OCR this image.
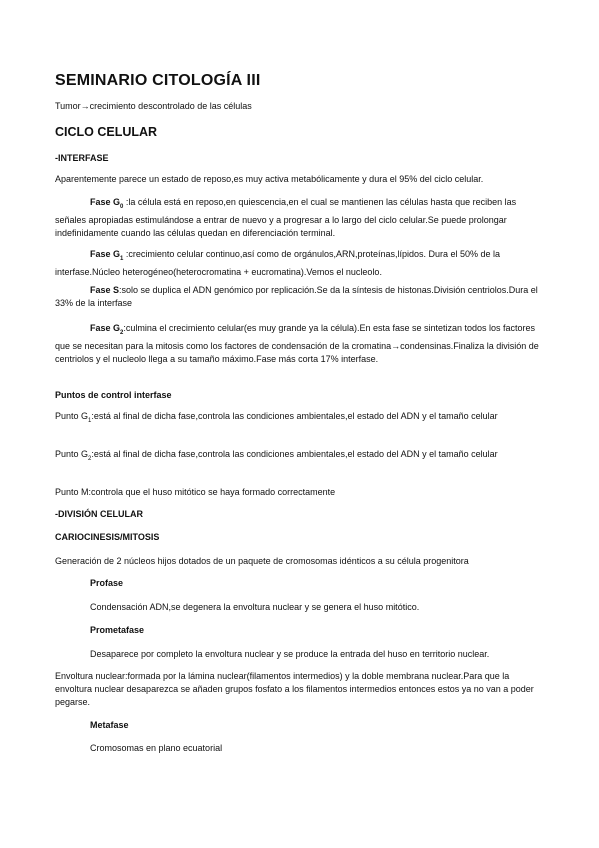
SEMINARIO CITOLOGÍA III
Tumor→crecimiento descontrolado de las células
CICLO CELULAR
-INTERFASE
Aparentemente parece un estado de reposo,es muy activa metabólicamente y dura el 95% del ciclo celular.
Fase $G_0$ :la célula está en reposo,en quiescencia,en el cual se mantienen las células hasta que reciben las señales apropiadas estimulándose a entrar de nuevo y a progresar a lo largo del ciclo celular.Se puede prolongar indefinidamente cuando las células quedan en diferenciación terminal.
Fase $G_1$ :crecimiento celular continuo,así como de orgánulos,ARN,proteínas,lípidos. Dura el 50% de la interfase.Núcleo heterogéneo(heterocromatina + eucromatina).Vemos el nucleolo.
Fase S:solo se duplica el ADN genómico por replicación.Se da la síntesis de histonas.División centriolos.Dura el 33% de la interfase
Fase $G_2:culmina$ el crecimiento celular(es muy grande ya la célula).En esta fase se sintetizan todos los factores que se necesitan para la mitosis como los factores de condensación de la cromatina→condensinas.Finaliza la división de centriolos y el nucleolo llega a su tamaño máximo.Fase más corta 17% interfase.
Puntos de control interfase
Punto $G_1:está$ al final de dicha fase,controla las condiciones ambientales,el estado del ADN y el tamaño celular
Punto $G_2:está$ al final de dicha fase,controla las condiciones ambientales,el estado del ADN y el tamaño celular
Punto M:controla que el huso mitótico se haya formado correctamente
-DIVISIÓN CELULAR
CARIOCINESIS/MITOSIS
Generación de 2 núcleos hijos dotados de un paquete de cromosomas idénticos a su célula progenitora
Profase
Condensación ADN,se degenera la envoltura nuclear y se genera el huso mitótico.
Prometafase
Desaparece por completo la envoltura nuclear y se produce la entrada del huso en territorio nuclear.
Envoltura nuclear:formada por la lámina nuclear(filamentos intermedios) y la doble membrana nuclear.Para que la envoltura nuclear desaparezca se añaden grupos fosfato a los filamentos intermedios entonces estos ya no van a poder pegarse.
Metafase
Cromosomas en plano ecuatorial
